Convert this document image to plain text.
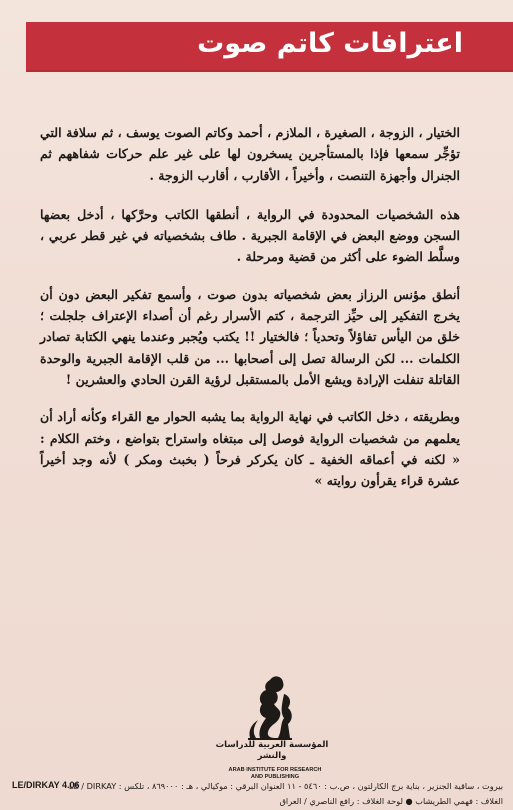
اعترافات كاتم صوت

الختيار ، الزوجة ، الصغيرة ، الملازم ، أحمد وكاتم الصوت يوسف ، ثم سلافة التي تؤجِّر سمعها فإذا بالمستأجرين يسخرون لها على غير علم حركات شفاههم ثم الجنرال وأجهزة التنصت ، وأخيراً ، الأقارب ، أقارب الزوجة .

هذه الشخصيات المحدودة في الرواية ، أنطقها الكاتب وحرَّكها ، أدخل بعضها السجن ووضع البعض في الإقامة الجبرية . طاف بشخصياته في غير قطر عربي ، وسلَّط الضوء على أكثر من قضية ومرحلة .

أنطق مؤنس الرزاز بعض شخصياته بدون صوت ، وأسمع تفكير البعض دون أن يخرج التفكير إلى حيِّز الترجمة ، كتم الأسرار رغم أن أصداء الإعتراف جلجلت ؛ خلق من اليأس تفاؤلاً وتحدياً ؛ فالختيار !! يكتب ويُجبر وعندما ينهي الكتابة تصادر الكلمات ... لكن الرسالة تصل إلى أصحابها ... من قلب الإقامة الجبرية والوحدة القاتلة تنفلت الإرادة ويشع الأمل بالمستقبل لرؤية القرن الحادي والعشرين !

وبطريقته ، دخل الكاتب في نهاية الرواية بما يشبه الحوار مع القراء وكأنه أراد أن يعلمهم من شخصيات الرواية فوصل إلى مبتغاه واستراح بتواضع ، وختم الكلام : « لكنه في أعماقه الخفية ـ كان يكركر فرحاً ( بخبث ومكر ) لأنه وجد أخيراً عشرة قراء يقرأون روايته »

المؤسسة العربية للدراسات والنشر
ARAB INSTITUTE FOR RESEARCH
AND PUBLISHING
LE/DIRKAY 4.06
بيروت ، ساقية الجنزير ، بناية برج الكارلتون ، ص.ب : ٥٤٦٠ - ١١ العنوان البرقي : موكيالي ، هـ : ٨٦٩٠٠٠ ، تلكس : LE / DIRKAY
الغلاف : فهمي الطريشاب ● لوحة الغلاف : رافع الناصري / العراق
